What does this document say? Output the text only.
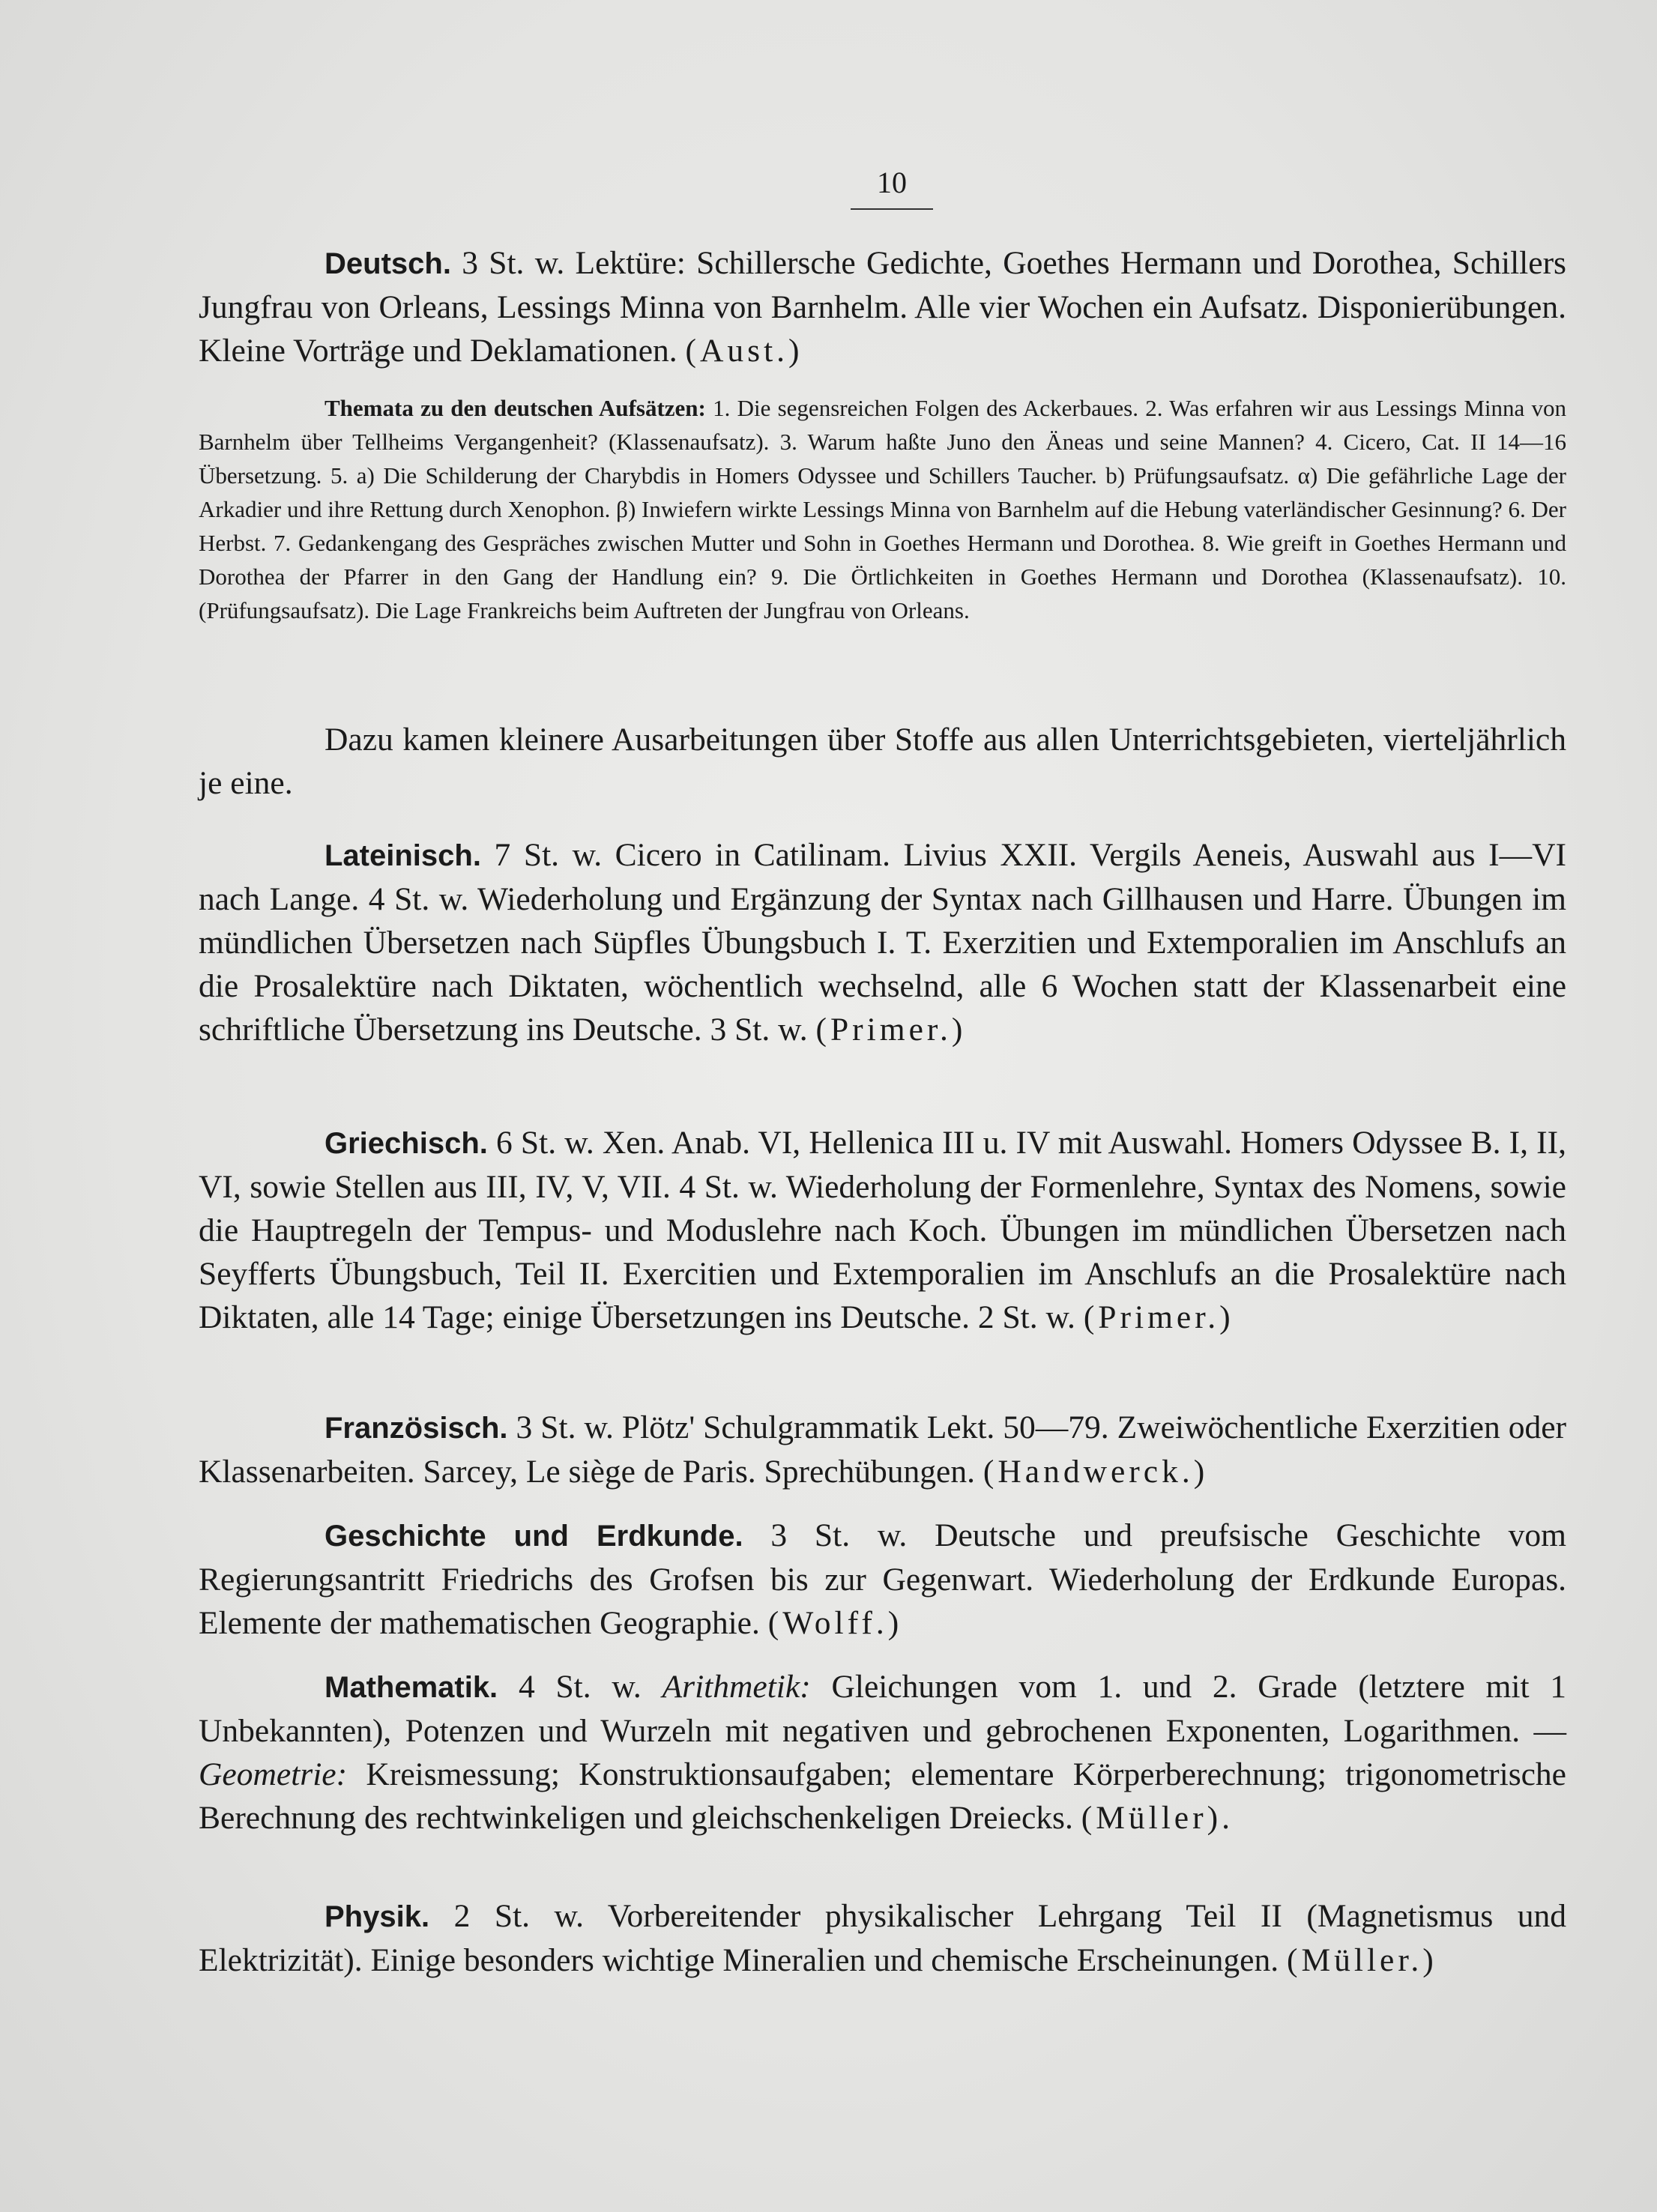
10

Deutsch. 3 St. w. Lektüre: Schillersche Gedichte, Goethes Hermann und Dorothea, Schillers Jungfrau von Orleans, Lessings Minna von Barnhelm. Alle vier Wochen ein Aufsatz. Disponierübungen. Kleine Vorträge und Deklamationen. (Aust.)

Themata zu den deutschen Aufsätzen: 1. Die segensreichen Folgen des Ackerbaues. 2. Was erfahren wir aus Lessings Minna von Barnhelm über Tellheims Vergangenheit? (Klassenaufsatz). 3. Warum haßte Juno den Äneas und seine Mannen? 4. Cicero, Cat. II 14—16 Übersetzung. 5. a) Die Schilderung der Charybdis in Homers Odyssee und Schillers Taucher. b) Prüfungsaufsatz. α) Die gefährliche Lage der Arkadier und ihre Rettung durch Xenophon. β) Inwiefern wirkte Lessings Minna von Barnhelm auf die Hebung vaterländischer Gesinnung? 6. Der Herbst. 7. Gedankengang des Gespräches zwischen Mutter und Sohn in Goethes Hermann und Dorothea. 8. Wie greift in Goethes Hermann und Dorothea der Pfarrer in den Gang der Handlung ein? 9. Die Örtlichkeiten in Goethes Hermann und Dorothea (Klassenaufsatz). 10. (Prüfungsaufsatz). Die Lage Frankreichs beim Auftreten der Jungfrau von Orleans.

Dazu kamen kleinere Ausarbeitungen über Stoffe aus allen Unterrichtsgebieten, vierteljährlich je eine.

Lateinisch. 7 St. w. Cicero in Catilinam. Livius XXII. Vergils Aeneis, Auswahl aus I—VI nach Lange. 4 St. w. Wiederholung und Ergänzung der Syntax nach Gillhausen und Harre. Übungen im mündlichen Übersetzen nach Süpfles Übungsbuch I. T. Exerzitien und Extemporalien im Anschlufs an die Prosalektüre nach Diktaten, wöchentlich wechselnd, alle 6 Wochen statt der Klassenarbeit eine schriftliche Übersetzung ins Deutsche. 3 St. w. (Primer.)

Griechisch. 6 St. w. Xen. Anab. VI, Hellenica III u. IV mit Auswahl. Homers Odyssee B. I, II, VI, sowie Stellen aus III, IV, V, VII. 4 St. w. Wiederholung der Formenlehre, Syntax des Nomens, sowie die Hauptregeln der Tempus- und Moduslehre nach Koch. Übungen im mündlichen Übersetzen nach Seyfferts Übungsbuch, Teil II. Exercitien und Extemporalien im Anschlufs an die Prosalektüre nach Diktaten, alle 14 Tage; einige Übersetzungen ins Deutsche. 2 St. w. (Primer.)

Französisch. 3 St. w. Plötz' Schulgrammatik Lekt. 50—79. Zweiwöchentliche Exerzitien oder Klassenarbeiten. Sarcey, Le siège de Paris. Sprechübungen. (Handwerck.)

Geschichte und Erdkunde. 3 St. w. Deutsche und preufsische Geschichte vom Regierungsantritt Friedrichs des Grofsen bis zur Gegenwart. Wiederholung der Erdkunde Europas. Elemente der mathematischen Geographie. (Wolff.)

Mathematik. 4 St. w. Arithmetik: Gleichungen vom 1. und 2. Grade (letztere mit 1 Unbekannten), Potenzen und Wurzeln mit negativen und gebrochenen Exponenten, Logarithmen. — Geometrie: Kreismessung; Konstruktionsaufgaben; elementare Körperberechnung; trigonometrische Berechnung des rechtwinkeligen und gleichschenkeligen Dreiecks. (Müller).

Physik. 2 St. w. Vorbereitender physikalischer Lehrgang Teil II (Magnetismus und Elektrizität). Einige besonders wichtige Mineralien und chemische Erscheinungen. (Müller.)
